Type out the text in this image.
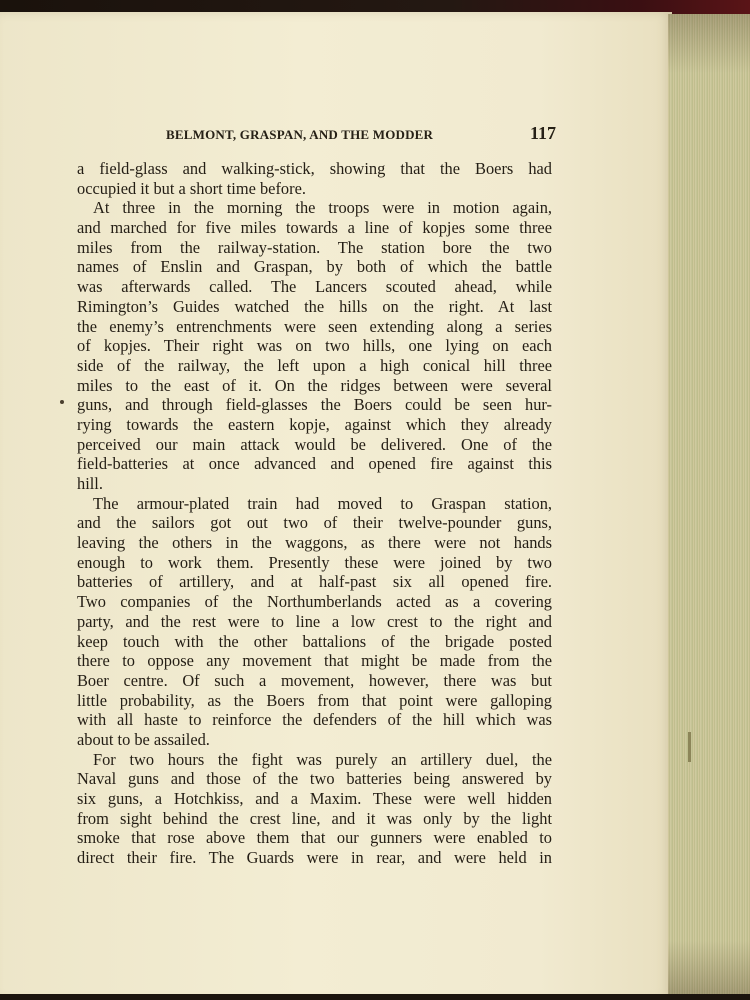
BELMONT, GRASPAN, AND THE MODDER	117
a field-glass and walking-stick, showing that the Boers had
occupied it but a short time before.
At three in the morning the troops were in motion again,
and marched for five miles towards a line of kopjes some three
miles from the railway-station. The station bore the two
names of Enslin and Graspan, by both of which the battle
was afterwards called. The Lancers scouted ahead, while
Rimington’s Guides watched the hills on the right. At last
the enemy’s entrenchments were seen extending along a series
of kopjes. Their right was on two hills, one lying on each
side of the railway, the left upon a high conical hill three
miles to the east of it. On the ridges between were several
guns, and through field-glasses the Boers could be seen hur-
rying towards the eastern kopje, against which they already
perceived our main attack would be delivered. One of the
field-batteries at once advanced and opened fire against this
hill.
The armour-plated train had moved to Graspan station,
and the sailors got out two of their twelve-pounder guns,
leaving the others in the waggons, as there were not hands
enough to work them. Presently these were joined by two
batteries of artillery, and at half-past six all opened fire.
Two companies of the Northumberlands acted as a covering
party, and the rest were to line a low crest to the right and
keep touch with the other battalions of the brigade posted
there to oppose any movement that might be made from the
Boer centre. Of such a movement, however, there was but
little probability, as the Boers from that point were galloping
with all haste to reinforce the defenders of the hill which was
about to be assailed.
For two hours the fight was purely an artillery duel, the
Naval guns and those of the two batteries being answered by
six guns, a Hotchkiss, and a Maxim. These were well hidden
from sight behind the crest line, and it was only by the light
smoke that rose above them that our gunners were enabled to
direct their fire. The Guards were in rear, and were held in
